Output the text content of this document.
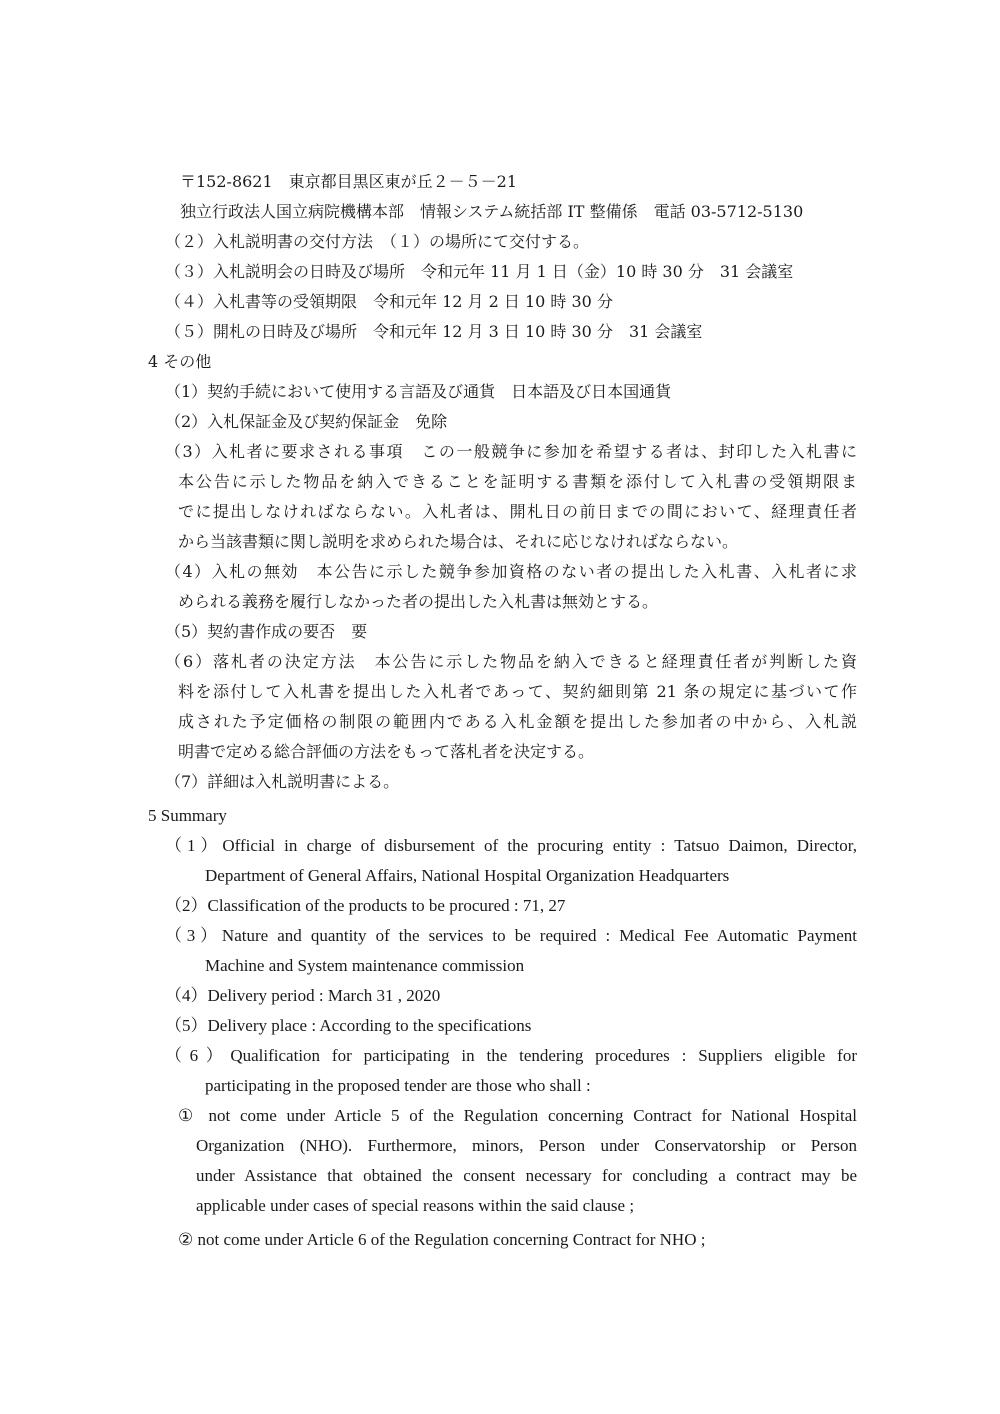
〒152-8621　東京都目黒区東が丘２－５－21
独立行政法人国立病院機構本部　情報システム統括部 IT 整備係　電話 03-5712-5130
（２）入札説明書の交付方法　（１）の場所にて交付する。
（３）入札説明会の日時及び場所　令和元年 11 月 1 日（金）10 時 30 分　31 会議室
（４）入札書等の受領期限　令和元年 12 月 2 日 10 時 30 分
（５）開札の日時及び場所　令和元年 12 月 3 日 10 時 30 分　31 会議室
4 その他
（1）契約手続において使用する言語及び通貨　日本語及び日本国通貨
（2）入札保証金及び契約保証金　免除
（3）入札者に要求される事項　この一般競争に参加を希望する者は、封印した入札書に
本公告に示した物品を納入できることを証明する書類を添付して入札書の受領期限ま
でに提出しなければならない。入札者は、開札日の前日までの間において、経理責任者
から当該書類に関し説明を求められた場合は、それに応じなければならない。
（4）入札の無効　本公告に示した競争参加資格のない者の提出した入札書、入札者に求
められる義務を履行しなかった者の提出した入札書は無効とする。
（5）契約書作成の要否　要
（6）落札者の決定方法　本公告に示した物品を納入できると経理責任者が判断した資
料を添付して入札書を提出した入札者であって、契約細則第 21 条の規定に基づいて作
成された予定価格の制限の範囲内である入札金額を提出した参加者の中から、入札説
明書で定める総合評価の方法をもって落札者を決定する。
（7）詳細は入札説明書による。
5 Summary
（1）Official in charge of disbursement of the procuring entity : Tatsuo Daimon, Director,
Department of General Affairs, National Hospital Organization Headquarters
（2）Classification of the products to be procured : 71, 27
（3）Nature and quantity of the services to be required : Medical Fee Automatic Payment
Machine and System maintenance commission
（4）Delivery period : March 31 , 2020
（5）Delivery place : According to the specifications
（6）Qualification for participating in the tendering procedures : Suppliers eligible for
participating in the proposed tender are those who shall :
① not come under Article 5 of the Regulation concerning Contract for National Hospital
Organization (NHO). Furthermore, minors, Person under Conservatorship or Person
under Assistance that obtained the consent necessary for concluding a contract may be
applicable under cases of special reasons within the said clause ;
② not come under Article 6 of the Regulation concerning Contract for NHO ;
